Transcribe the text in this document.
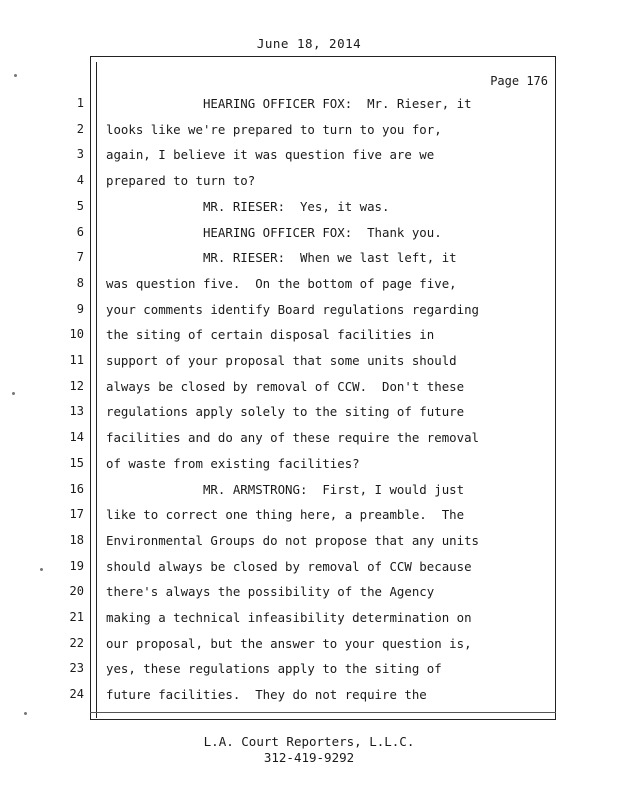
June 18, 2014
Page 176
1 HEARING OFFICER FOX:  Mr. Rieser, it
2 looks like we're prepared to turn to you for,
3 again, I believe it was question five are we
4 prepared to turn to?
5 MR. RIESER:  Yes, it was.
6 HEARING OFFICER FOX:  Thank you.
7 MR. RIESER:  When we last left, it
8 was question five.  On the bottom of page five,
9 your comments identify Board regulations regarding
10 the siting of certain disposal facilities in
11 support of your proposal that some units should
12 always be closed by removal of CCW.  Don't these
13 regulations apply solely to the siting of future
14 facilities and do any of these require the removal
15 of waste from existing facilities?
16 MR. ARMSTRONG:  First, I would just
17 like to correct one thing here, a preamble.  The
18 Environmental Groups do not propose that any units
19 should always be closed by removal of CCW because
20 there's always the possibility of the Agency
21 making a technical infeasibility determination on
22 our proposal, but the answer to your question is,
23 yes, these regulations apply to the siting of
24 future facilities.  They do not require the
L.A. Court Reporters, L.L.C.
312-419-9292
